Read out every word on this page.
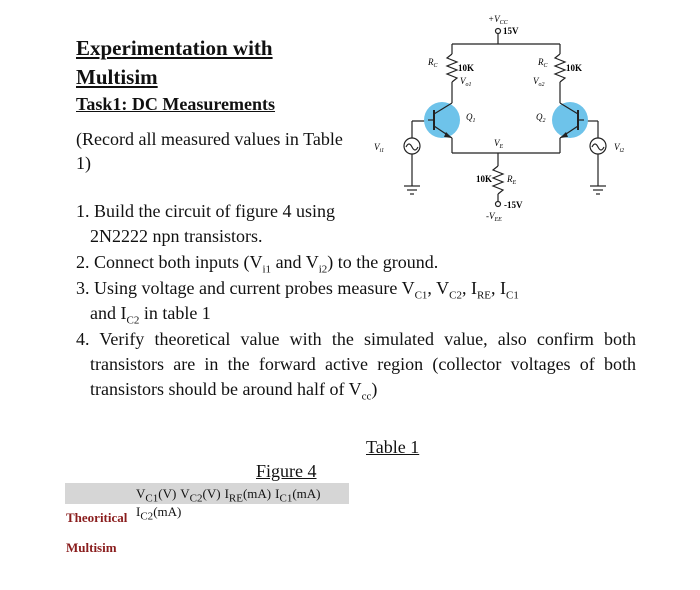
Experimentation with
Multisim
Task1: DC Measurements
(Record all measured values in Table
1)
$+V_{CC}$
15V
$R_C$ 10K
$V_{o1}$
$R_C$ 10K
$V_{o2}$
$Q_1$	$Q_2$
$V_E$
10K $R_E$
-15V
$-V_{EE}$
$V_{i1}$	$V_{i2}$
1. Build the circuit of figure 4 using
2N2222 npn transistors.
2. Connect both inputs ($V_{i1}$ and $V_{i2}$) to the ground.
3. Using voltage and current probes measure $V_{C1}$, $V_{C2}$, $I_{RE}$, $I_{C1}$
and $I_{C2}$ in table 1
4. Verify theoretical value with the simulated value, also confirm both transistors are in the forward active region (collector voltages of both transistors should be around half of $V_{cc}$)
Table 1
Figure 4
$V_{C1}(V)$ $V_{C2}(V)$ $I_{RE}(mA)$ $I_{C1}(mA)$ $I_{C2}(mA)$
Theoritical
Multisim
